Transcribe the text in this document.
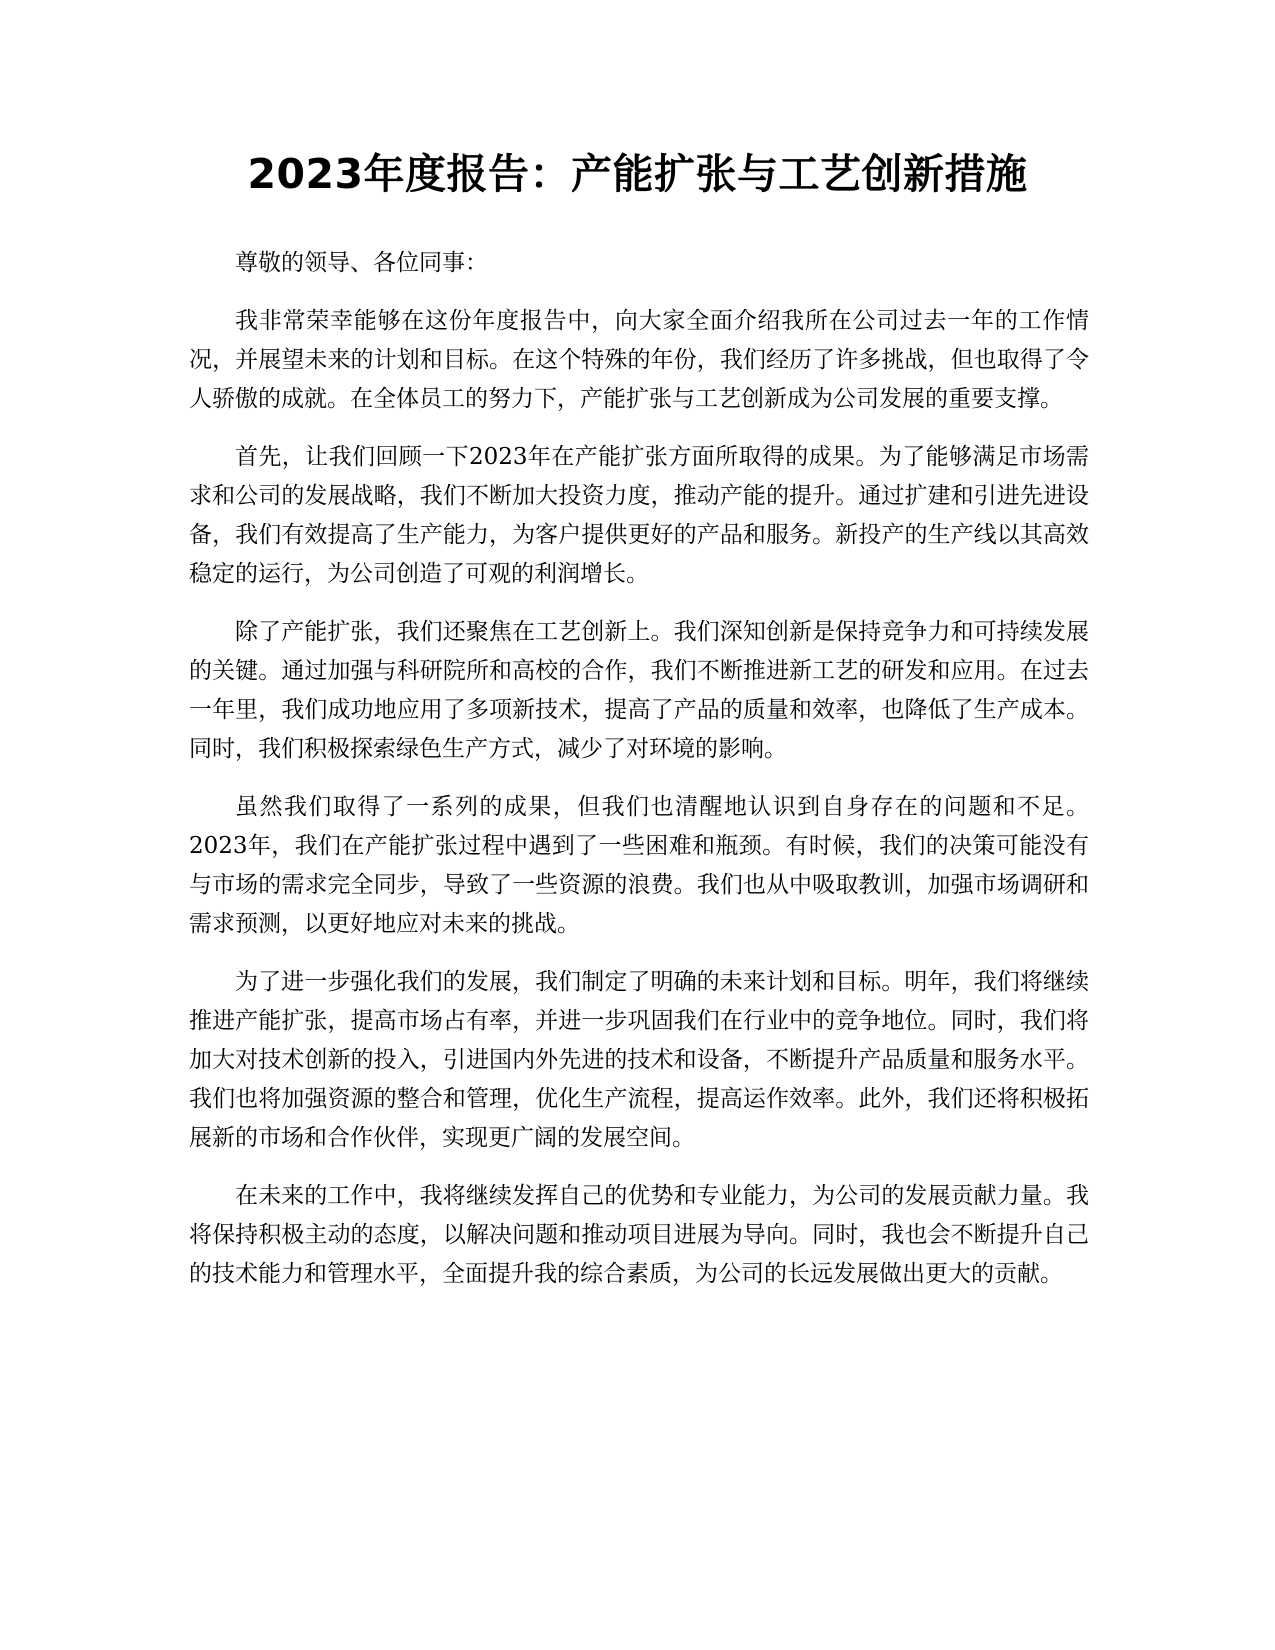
2023年度报告：产能扩张与工艺创新措施

尊敬的领导、各位同事：

我非常荣幸能够在这份年度报告中，向大家全面介绍我所在公司过去一年的工作情况，并展望未来的计划和目标。在这个特殊的年份，我们经历了许多挑战，但也取得了令人骄傲的成就。在全体员工的努力下，产能扩张与工艺创新成为公司发展的重要支撑。

首先，让我们回顾一下2023年在产能扩张方面所取得的成果。为了能够满足市场需求和公司的发展战略，我们不断加大投资力度，推动产能的提升。通过扩建和引进先进设备，我们有效提高了生产能力，为客户提供更好的产品和服务。新投产的生产线以其高效稳定的运行，为公司创造了可观的利润增长。

除了产能扩张，我们还聚焦在工艺创新上。我们深知创新是保持竞争力和可持续发展的关键。通过加强与科研院所和高校的合作，我们不断推进新工艺的研发和应用。在过去一年里，我们成功地应用了多项新技术，提高了产品的质量和效率，也降低了生产成本。同时，我们积极探索绿色生产方式，减少了对环境的影响。

虽然我们取得了一系列的成果，但我们也清醒地认识到自身存在的问题和不足。2023年，我们在产能扩张过程中遇到了一些困难和瓶颈。有时候，我们的决策可能没有与市场的需求完全同步，导致了一些资源的浪费。我们也从中吸取教训，加强市场调研和需求预测，以更好地应对未来的挑战。

为了进一步强化我们的发展，我们制定了明确的未来计划和目标。明年，我们将继续推进产能扩张，提高市场占有率，并进一步巩固我们在行业中的竞争地位。同时，我们将加大对技术创新的投入，引进国内外先进的技术和设备，不断提升产品质量和服务水平。我们也将加强资源的整合和管理，优化生产流程，提高运作效率。此外，我们还将积极拓展新的市场和合作伙伴，实现更广阔的发展空间。

在未来的工作中，我将继续发挥自己的优势和专业能力，为公司的发展贡献力量。我将保持积极主动的态度，以解决问题和推动项目进展为导向。同时，我也会不断提升自己的技术能力和管理水平，全面提升我的综合素质，为公司的长远发展做出更大的贡献。
